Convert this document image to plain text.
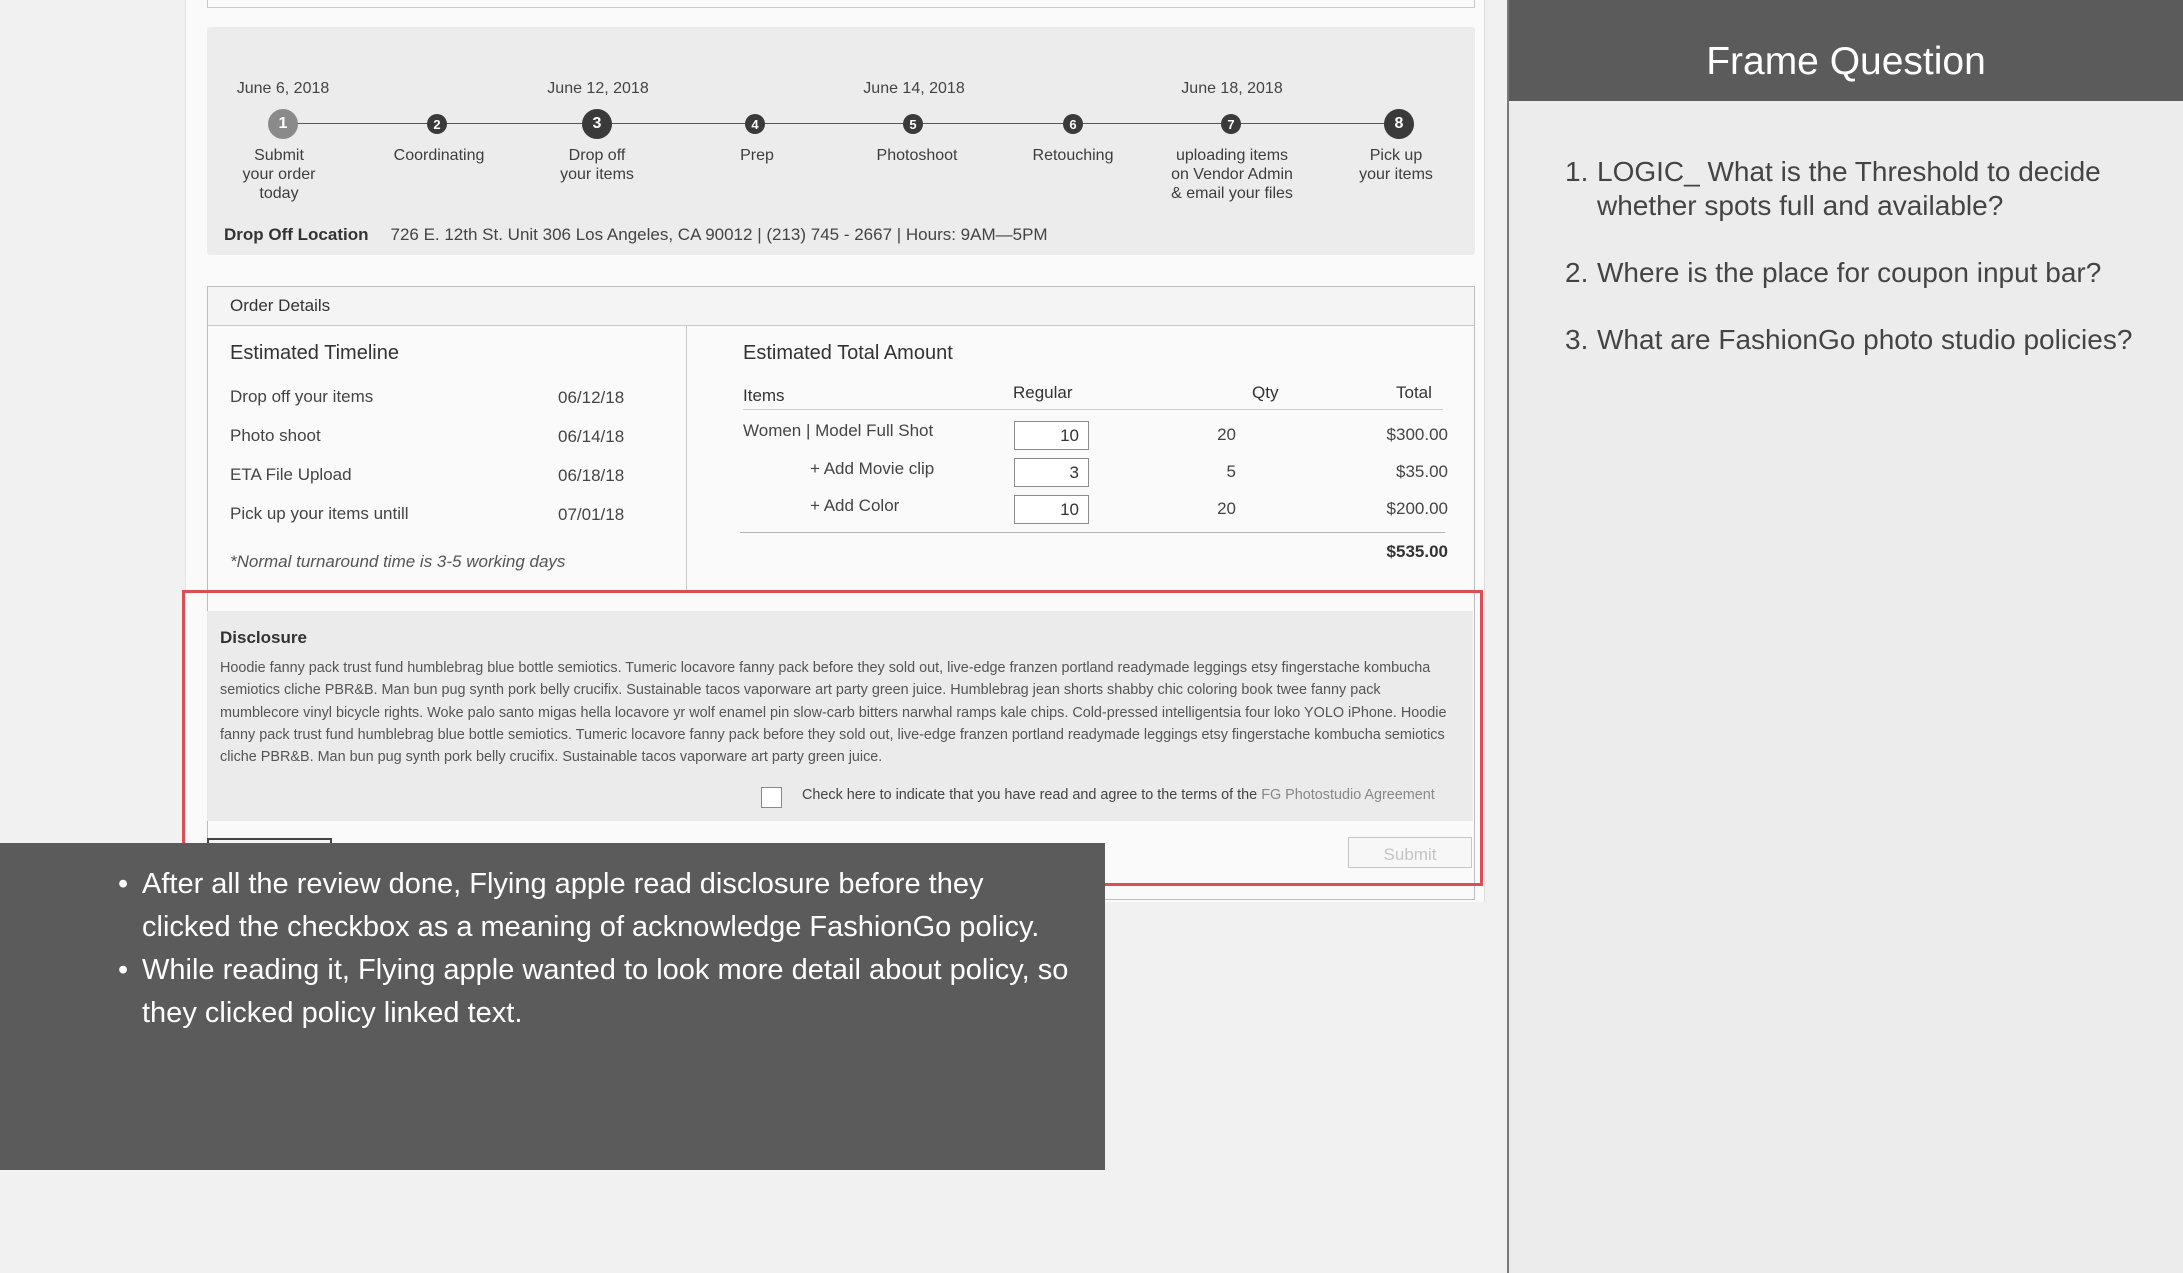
June 6, 2018	June 12, 2018	June 14, 2018	June 18, 2018
1	2	3	4	5	6	7	8
Submit
your order
today
Coordinating	Drop off
your items
Prep	Photoshoot	Retouching	uploading items
on Vendor Admin
& email your files
Pick up
your items
Drop Off Location 726 E. 12th St. Unit 306 Los Angeles, CA 90012 | (213) 745 - 2667 | Hours: 9AM—5PM
Order Details
Estimated Timeline
Drop off your items	06/12/18
Photo shoot	06/14/18
ETA File Upload	06/18/18
Pick up your items untill	07/01/18
*Normal turnaround time is 3-5 working days
Estimated Total Amount
Items	Regular	Qty	Total
Women | Model Full Shot	10	20	$300.00
+ Add Movie clip	3	5	$35.00
+ Add Color	10	20	$200.00
$535.00
Disclosure
Hoodie fanny pack trust fund humblebrag blue bottle semiotics. Tumeric locavore fanny pack before they sold out, live-edge franzen portland readymade leggings etsy fingerstache kombucha semiotics cliche PBR&B. Man bun pug synth pork belly crucifix. Sustainable tacos vaporware art party green juice. Humblebrag jean shorts shabby chic coloring book twee fanny pack mumblecore vinyl bicycle rights. Woke palo santo migas hella locavore yr wolf enamel pin slow-carb bitters narwhal ramps kale chips. Cold-pressed intelligentsia four loko YOLO iPhone. Hoodie fanny pack trust fund humblebrag blue bottle semiotics. Tumeric locavore fanny pack before they sold out, live-edge franzen portland readymade leggings etsy fingerstache kombucha semiotics cliche PBR&B. Man bun pug synth pork belly crucifix. Sustainable tacos vaporware art party green juice.
Check here to indicate that you have read and agree to the terms of the FG Photostudio Agreement
Submit
• After all the review done, Flying apple read disclosure before they clicked the checkbox as a meaning of acknowledge FashionGo policy.
• While reading it, Flying apple wanted to look more detail about policy, so they clicked policy linked text.
Frame Question
1. LOGIC_ What is the Threshold to decide whether spots full and available?
2. Where is the place for coupon input bar?
3. What are FashionGo photo studio policies?
